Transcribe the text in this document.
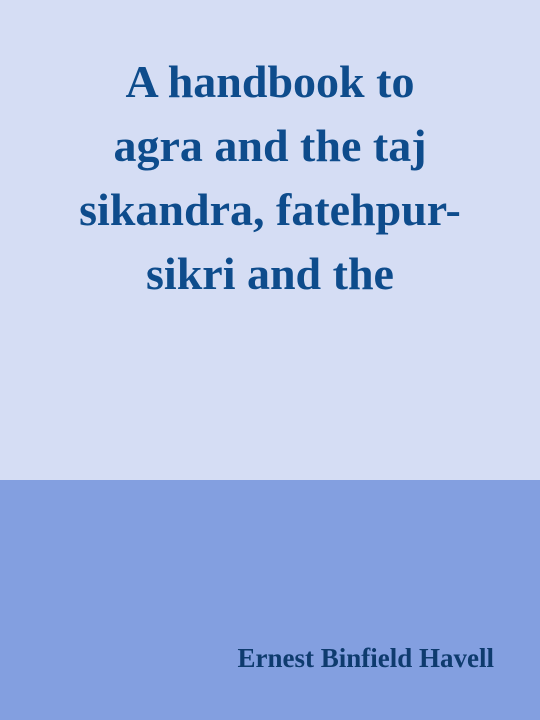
A handbook to
agra and the taj
sikandra, fatehpur-
sikri and the

Ernest Binfield Havell
